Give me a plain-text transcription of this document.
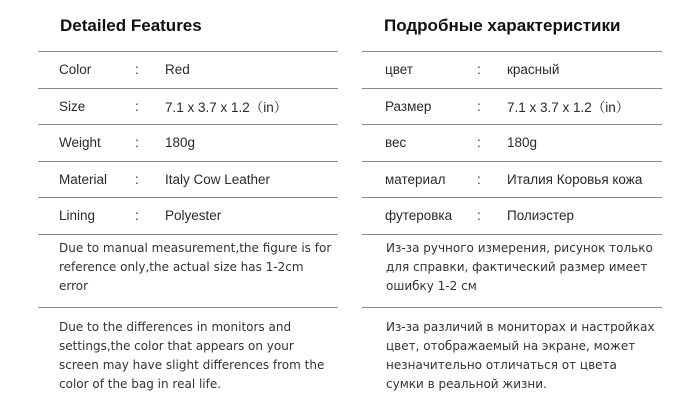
Detailed Features
Color	:	Red
Size	:	7.1 x 3.7 x 1.2（in）
Weight	:	180g
Material	:	Italy Cow Leather
Lining	:	Polyester
Due to manual measurement,the figure is for reference only,the actual size has 1-2cm error
Due to the differences in monitors and settings,the color that appears on your screen may have slight differences from the color of the bag in real life.
Подробные характеристики
цвет	:	красный
Размер	:	7.1 x 3.7 x 1.2（in）
вес	:	180g
материал	:	Италия Коровья кожа
футеровка	:	Полиэстер
Из-за ручного измерения, рисунок только для справки, фактический размер имеет ошибку 1-2 см
Из-за различий в мониторах и настройках цвет, отображаемый на экране, может незначительно отличаться от цвета сумки в реальной жизни.
